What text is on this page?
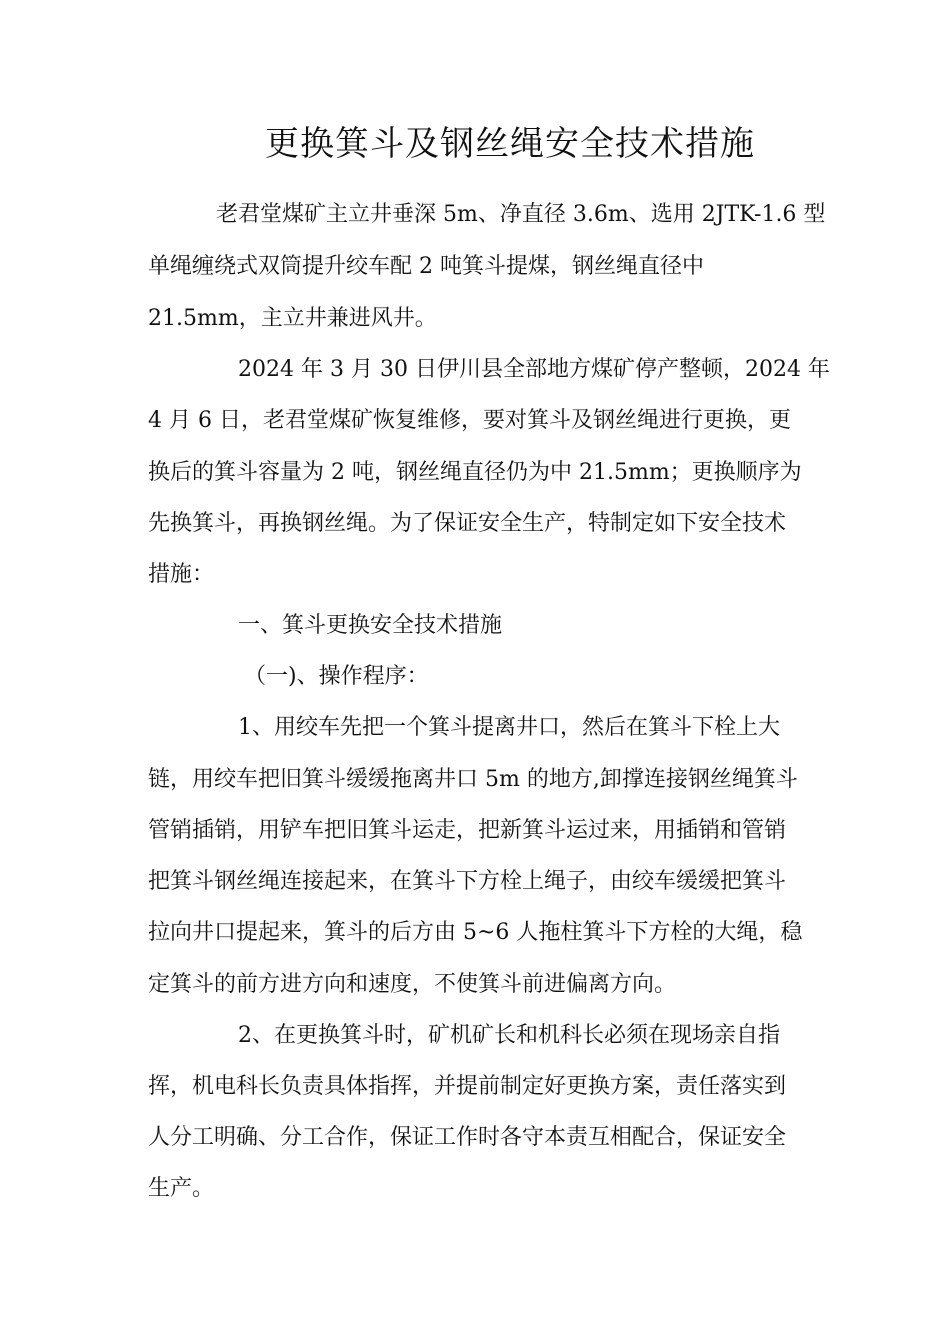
更换箕斗及钢丝绳安全技术措施
老君堂煤矿主立井垂深 5m、净直径 3.6m、选用 2JTK-1.6 型
单绳缠绕式双筒提升绞车配 2 吨箕斗提煤，钢丝绳直径中
21.5mm，主立井兼进风井。
2024 年 3 月 30 日伊川县全部地方煤矿停产整顿，2024 年
4 月 6 日，老君堂煤矿恢复维修，要对箕斗及钢丝绳进行更换，更
换后的箕斗容量为 2 吨，钢丝绳直径仍为中 21.5mm；更换顺序为
先换箕斗，再换钢丝绳。为了保证安全生产，特制定如下安全技术
措施：
一、箕斗更换安全技术措施
（一)、操作程序：
1、用绞车先把一个箕斗提离井口，然后在箕斗下栓上大
链，用绞车把旧箕斗缓缓拖离井口 5m 的地方,卸撑连接钢丝绳箕斗
管销插销，用铲车把旧箕斗运走，把新箕斗运过来，用插销和管销
把箕斗钢丝绳连接起来，在箕斗下方栓上绳子，由绞车缓缓把箕斗
拉向井口提起来，箕斗的后方由 5~6 人拖柱箕斗下方栓的大绳，稳
定箕斗的前方进方向和速度，不使箕斗前进偏离方向。
2、在更换箕斗时，矿机矿长和机科长必须在现场亲自指
挥，机电科长负责具体指挥，并提前制定好更换方案，责任落实到
人分工明确、分工合作，保证工作时各守本责互相配合，保证安全
生产。
